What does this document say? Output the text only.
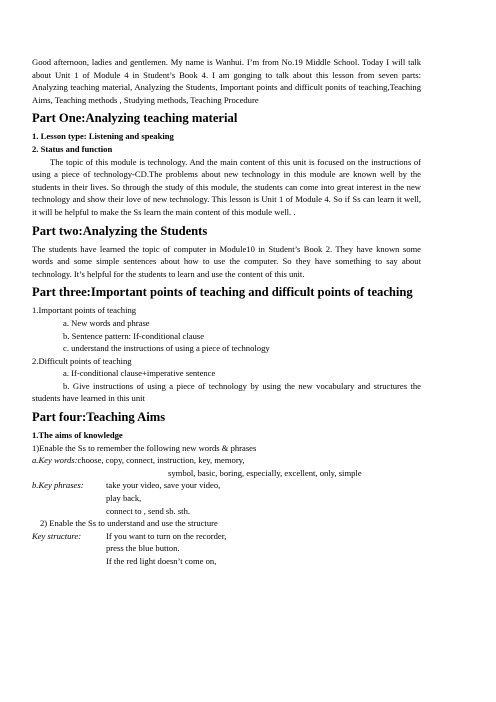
Good afternoon, ladies and gentlemen. My name is Wanhui. I’m from No.19 Middle School. Today I will talk about Unit 1 of Module 4 in Student’s Book 4. I am gonging to talk about this lesson from seven parts: Analyzing teaching material, Analyzing the Students, Important points and difficult ponits of teaching,Teaching Aims, Teaching methods , Studying methods, Teaching Procedure

Part One:Analyzing teaching material

1. Lesson type: Listening and speaking

2. Status and function

The topic of this module is technology. And the main content of this unit is focused on the instructions of using a piece of technology-CD.The problems about new technology in this module are known well by the students in their lives. So through the study of this module, the students can come into great interest in the new technology and show their love of new technology. This lesson is Unit 1 of Module 4. So if Ss can learn it well, it will be helpful to make the Ss learn the main content of this module well. .

Part two:Analyzing the Students

The students have learned the topic of computer in Module10 in Student’s Book 2. They have known some words and some simple sentences about how to use the computer. So they have something to say about technology. It’s helpful for the students to learn and use the content of this unit.

Part three:Important points of teaching and difficult points of teaching

1.Important points of teaching

a. New words and phrase

b. Sentence pattern: If-conditional clause

c. understand the instructions of using a piece of technology

2.Difficult points of teaching

a. If-conditional clause+imperative sentence

b. Give instructions of using a piece of technology by using the new vocabulary and structures the students have learned in this unit

Part four:Teaching Aims

1.The aims of knowledge

1)Enable the Ss to remember the following new words & phrases

a.Key words: choose, copy, connect, instruction, key, memory,

symbol, basic, boring, especially, excellent, only, simple

b.Key phrases:	take your video, save your video,

play back,

connect to , send sb. sth.

2) Enable the Ss to understand and use the structure

Key structure:	If you want to turn on the recorder,

press the blue button.

If the red light doesn’t come on,
